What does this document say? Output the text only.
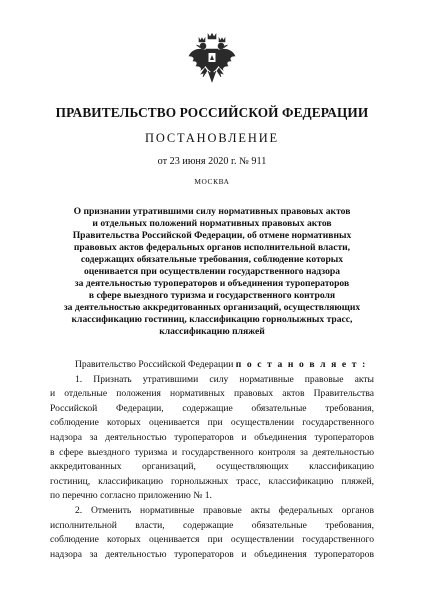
ПРАВИТЕЛЬСТВО РОССИЙСКОЙ ФЕДЕРАЦИИ
ПОСТАНОВЛЕНИЕ
от 23 июня 2020 г. № 911
МОСКВА
О признании утратившими силу нормативных правовых актов
и отдельных положений нормативных правовых актов
Правительства Российской Федерации, об отмене нормативных
правовых актов федеральных органов исполнительной власти,
содержащих обязательные требования, соблюдение которых
оценивается при осуществлении государственного надзора
за деятельностью туроператоров и объединения туроператоров
в сфере выездного туризма и государственного контроля
за деятельностью аккредитованных организаций, осуществляющих
классификацию гостиниц, классификацию горнолыжных трасс,
классификацию пляжей
Правительство Российской Федерации п о с т а н о в л я е т :
1. Признать утратившими силу нормативные правовые акты
и отдельные положения нормативных правовых актов Правительства
Российской Федерации, содержащие обязательные требования,
соблюдение которых оценивается при осуществлении государственного
надзора за деятельностью туроператоров и объединения туроператоров
в сфере выездного туризма и государственного контроля за деятельностью
аккредитованных организаций, осуществляющих классификацию
гостиниц, классификацию горнолыжных трасс, классификацию пляжей,
по перечню согласно приложению № 1.
2. Отменить нормативные правовые акты федеральных органов
исполнительной власти, содержащие обязательные требования,
соблюдение которых оценивается при осуществлении государственного
надзора за деятельностью туроператоров и объединения туроператоров
